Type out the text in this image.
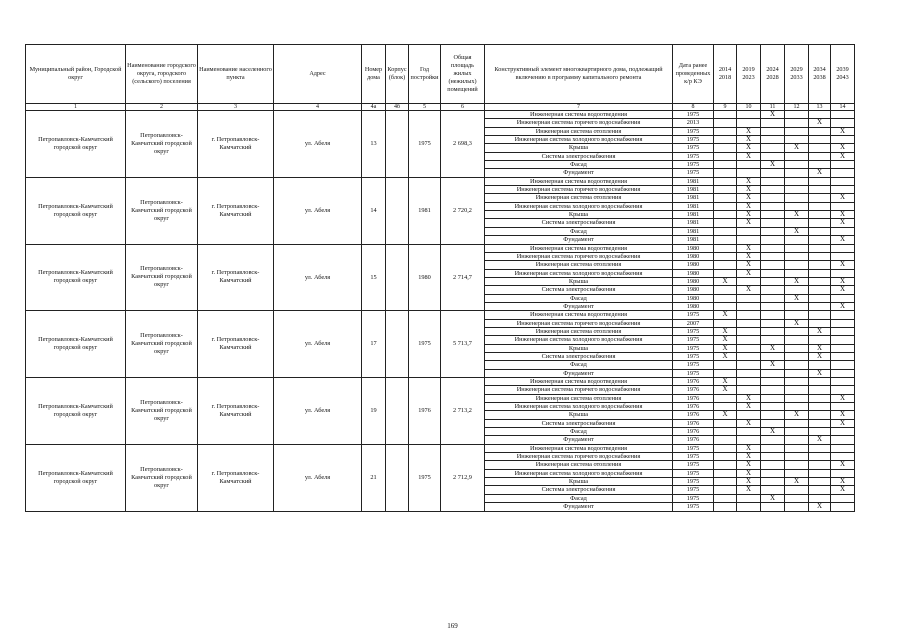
Муниципальный район, Городской округ	Наименование городского округа, городского (сельского) поселения	Наименование населенного пункта	Адрес	Номер дома	Корпус (блок)	Год постройки	Общая площадь жилых (нежилых) помещений	Конструктивный элемент многоквартирного дома, подлежащий включению в программу капитального ремонта	Дата ранее проведенных к/р КЭ	2014 2018	2019 2023	2024 2028	2029 2033	2034 2038	2039 2043
1	2	3	4	4а	4б	5	6	7	8	9	10	11	12	13	14
Петропавловск-Камчатский городской округ	Петропавловск-Камчатский городской округ	г. Петропавловск-Камчатский	ул. Абеля	13		1975	2 698,3	Инженерная система водоотведения	1975			X			
								Инженерная система горячего водоснабжения	2013					X	
								Инженерная система отопления	1975		X				X
								Инженерная система холодного водоснабжения	1975		X				
								Крыша	1975		X		X		X
								Система электроснабжения	1975		X				X
								Фасад	1975			X			
								Фундамент	1975					X	
Петропавловск-Камчатский городской округ	Петропавловск-Камчатский городской округ	г. Петропавловск-Камчатский	ул. Абеля	14		1981	2 720,2	Инженерная система водоотведения	1981		X				
								Инженерная система горячего водоснабжения	1981		X				
								Инженерная система отопления	1981		X				X
								Инженерная система холодного водоснабжения	1981		X				
								Крыша	1981		X		X		X
								Система электроснабжения	1981		X				X
								Фасад	1981				X		
								Фундамент	1981						X
Петропавловск-Камчатский городской округ	Петропавловск-Камчатский городской округ	г. Петропавловск-Камчатский	ул. Абеля	15		1980	2 714,7	Инженерная система водоотведения	1980		X				
								Инженерная система горячего водоснабжения	1980		X				
								Инженерная система отопления	1980		X				X
								Инженерная система холодного водоснабжения	1980		X				
								Крыша	1980	X			X		X
								Система электроснабжения	1980		X				X
								Фасад	1980				X		
								Фундамент	1980						X
Петропавловск-Камчатский городской округ	Петропавловск-Камчатский городской округ	г. Петропавловск-Камчатский	ул. Абеля	17		1975	5 713,7	Инженерная система водоотведения	1975	X					
								Инженерная система горячего водоснабжения	2007				X		
								Инженерная система отопления	1975	X				X	
								Инженерная система холодного водоснабжения	1975	X					
								Крыша	1975	X		X		X	
								Система электроснабжения	1975	X				X	
								Фасад	1975			X			
								Фундамент	1975					X	
Петропавловск-Камчатский городской округ	Петропавловск-Камчатский городской округ	г. Петропавловск-Камчатский	ул. Абеля	19		1976	2 713,2	Инженерная система водоотведения	1976	X					
								Инженерная система горячего водоснабжения	1976	X					
								Инженерная система отопления	1976		X				X
								Инженерная система холодного водоснабжения	1976		X				
								Крыша	1976	X			X		X
								Система электроснабжения	1976		X				X
								Фасад	1976			X			
								Фундамент	1976					X	
Петропавловск-Камчатский городской округ	Петропавловск-Камчатский городской округ	г. Петропавловск-Камчатский	ул. Абеля	21		1975	2 712,9	Инженерная система водоотведения	1975		X				
								Инженерная система горячего водоснабжения	1975		X				
								Инженерная система отопления	1975		X				X
								Инженерная система холодного водоснабжения	1975		X				
								Крыша	1975		X		X		X
								Система электроснабжения	1975		X				X
								Фасад	1975			X			
								Фундамент	1975					X	
169
